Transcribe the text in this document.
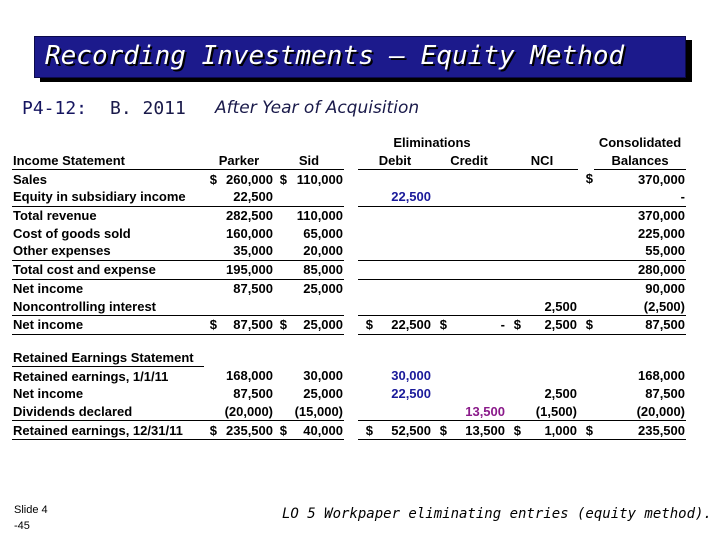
Recording Investments – Equity Method
P4-12: B. 2011 After Year of Acquisition
						Eliminations							Consolidated
Income Statement	Parker		Sid			Debit		Credit		NCI			Balances
Sales	$	260,000	$	110,000								$	370,000
Equity in subsidiary income		22,500					22,500						-
Total revenue		282,500		110,000									370,000
Cost of goods sold		160,000		65,000									225,000
Other expenses		35,000		20,000									55,000
Total cost and expense		195,000		85,000									280,000
Net income		87,500		25,000									90,000
Noncontrolling interest											2,500		(2,500)
Net income	$	87,500	$	25,000		$	22,500	$	-	$	2,500	$	87,500

Retained Earnings Statement													
Retained earnings, 1/1/11		168,000		30,000			30,000						168,000
Net income		87,500		25,000			22,500				2,500		87,500
Dividends declared		(20,000)		(15,000)					13,500		(1,500)		(20,000)
Retained earnings, 12/31/11	$	235,500	$	40,000		$	52,500	$	13,500	$	1,000	$	235,500
Slide 4
-45
LO 5 Workpaper eliminating entries (equity method).
